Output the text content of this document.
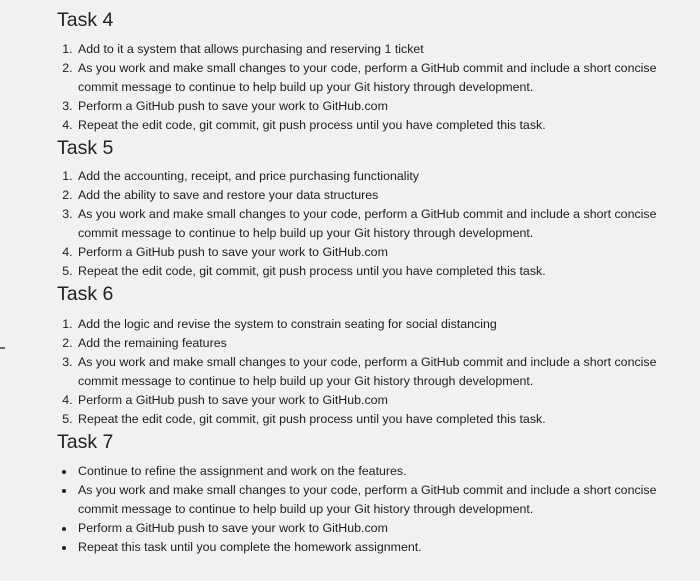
Task 4
1. Add to it a system that allows purchasing and reserving 1 ticket
2. As you work and make small changes to your code, perform a GitHub commit and include a short concise commit message to continue to help build up your Git history through development.
3. Perform a GitHub push to save your work to GitHub.com
4. Repeat the edit code, git commit, git push process until you have completed this task.
Task 5
1. Add the accounting, receipt, and price purchasing functionality
2. Add the ability to save and restore your data structures
3. As you work and make small changes to your code, perform a GitHub commit and include a short concise commit message to continue to help build up your Git history through development.
4. Perform a GitHub push to save your work to GitHub.com
5. Repeat the edit code, git commit, git push process until you have completed this task.
Task 6
1. Add the logic and revise the system to constrain seating for social distancing
2. Add the remaining features
3. As you work and make small changes to your code, perform a GitHub commit and include a short concise commit message to continue to help build up your Git history through development.
4. Perform a GitHub push to save your work to GitHub.com
5. Repeat the edit code, git commit, git push process until you have completed this task.
Task 7
• Continue to refine the assignment and work on the features.
• As you work and make small changes to your code, perform a GitHub commit and include a short concise commit message to continue to help build up your Git history through development.
• Perform a GitHub push to save your work to GitHub.com
• Repeat this task until you complete the homework assignment.
